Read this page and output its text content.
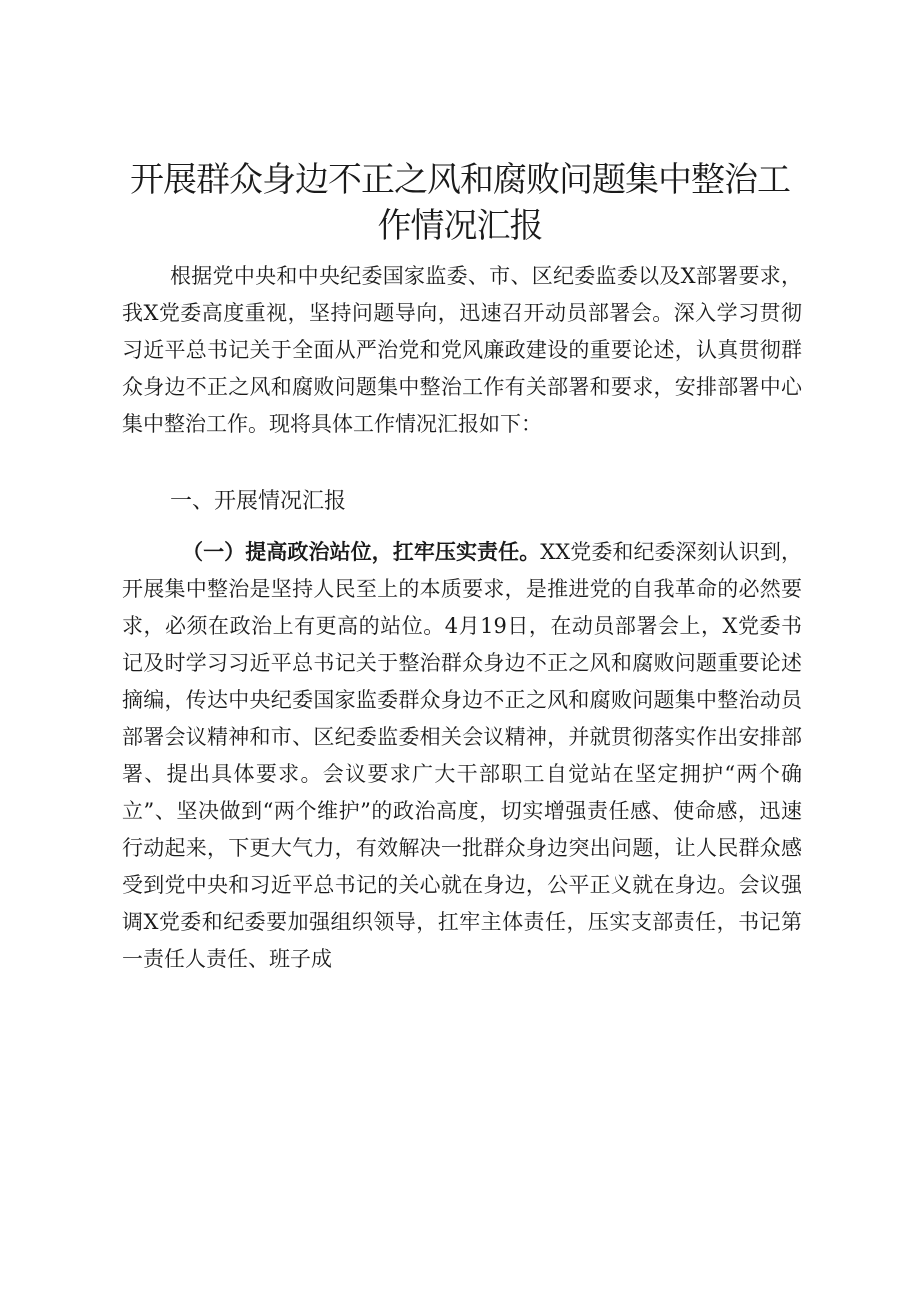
开展群众身边不正之风和腐败问题集中整治工
作情况汇报

根据党中央和中央纪委国家监委、市、区纪委监委以及X部署要求，我X党委高度重视，坚持问题导向，迅速召开动员部署会。深入学习贯彻习近平总书记关于全面从严治党和党风廉政建设的重要论述，认真贯彻群众身边不正之风和腐败问题集中整治工作有关部署和要求，安排部署中心集中整治工作。现将具体工作情况汇报如下：

一、开展情况汇报

（一）提高政治站位，扛牢压实责任。XX党委和纪委深刻认识到，开展集中整治是坚持人民至上的本质要求，是推进党的自我革命的必然要求，必须在政治上有更高的站位。4月19日，在动员部署会上，X党委书记及时学习习近平总书记关于整治群众身边不正之风和腐败问题重要论述摘编，传达中央纪委国家监委群众身边不正之风和腐败问题集中整治动员部署会议精神和市、区纪委监委相关会议精神，并就贯彻落实作出安排部署、提出具体要求。会议要求广大干部职工自觉站在坚定拥护“两个确立”、坚决做到“两个维护”的政治高度，切实增强责任感、使命感，迅速行动起来，下更大气力，有效解决一批群众身边突出问题，让人民群众感受到党中央和习近平总书记的关心就在身边，公平正义就在身边。会议强调X党委和纪委要加强组织领导，扛牢主体责任，压实支部责任，书记第一责任人责任、班子成
